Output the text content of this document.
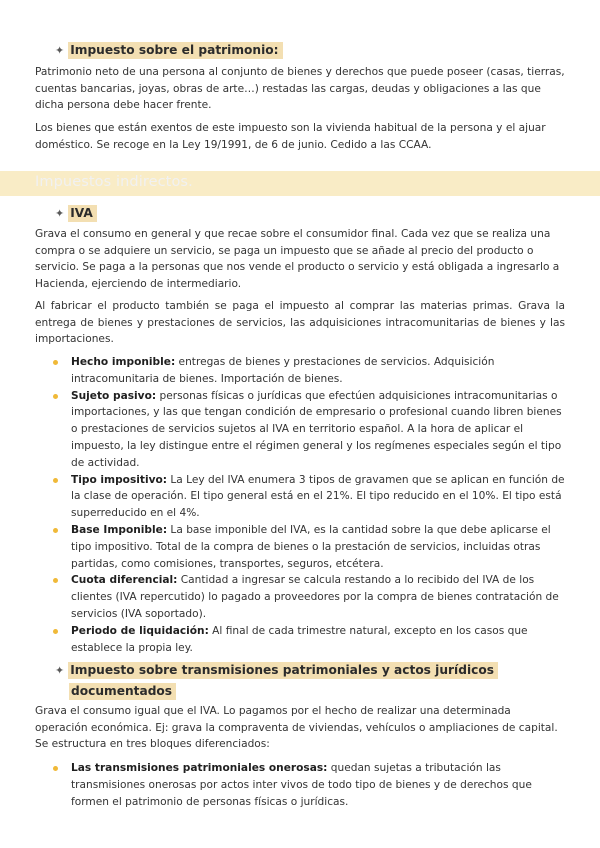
✦ Impuesto sobre el patrimonio:
Patrimonio neto de una persona al conjunto de bienes y derechos que puede poseer (casas, tierras, cuentas bancarias, joyas, obras de arte…) restadas las cargas, deudas y obligaciones a las que dicha persona debe hacer frente.
Los bienes que están exentos de este impuesto son la vivienda habitual de la persona y el ajuar doméstico. Se recoge en la Ley 19/1991, de 6 de junio. Cedido a las CCAA.
Impuestos indirectos.
✦ IVA
Grava el consumo en general y que recae sobre el consumidor final. Cada vez que se realiza una compra o se adquiere un servicio, se paga un impuesto que se añade al precio del producto o servicio. Se paga a la personas que nos vende el producto o servicio y está obligada a ingresarlo a Hacienda, ejerciendo de intermediario.
Al fabricar el producto también se paga el impuesto al comprar las materias primas. Grava la entrega de bienes y prestaciones de servicios, las adquisiciones intracomunitarias de bienes y las importaciones.
Hecho imponible: entregas de bienes y prestaciones de servicios. Adquisición intracomunitaria de bienes. Importación de bienes.
Sujeto pasivo: personas físicas o jurídicas que efectúen adquisiciones intracomunitarias o importaciones, y las que tengan condición de empresario o profesional cuando libren bienes o prestaciones de servicios sujetos al IVA en territorio español. A la hora de aplicar el impuesto, la ley distingue entre el régimen general y los regímenes especiales según el tipo de actividad.
Tipo impositivo: La Ley del IVA enumera 3 tipos de gravamen que se aplican en función de la clase de operación. El tipo general está en el 21%. El tipo reducido en el 10%. El tipo está superreducido en el 4%.
Base Imponible: La base imponible del IVA, es la cantidad sobre la que debe aplicarse el tipo impositivo. Total de la compra de bienes o la prestación de servicios, incluidas otras partidas, como comisiones, transportes, seguros, etcétera.
Cuota diferencial: Cantidad a ingresar se calcula restando a lo recibido del IVA de los clientes (IVA repercutido) lo pagado a proveedores por la compra de bienes contratación de servicios (IVA soportado).
Periodo de liquidación: Al final de cada trimestre natural, excepto en los casos que establece la propia ley.
✦ Impuesto sobre transmisiones patrimoniales y actos jurídicos
documentados
Grava el consumo igual que el IVA. Lo pagamos por el hecho de realizar una determinada operación económica. Ej: grava la compraventa de viviendas, vehículos o ampliaciones de capital. Se estructura en tres bloques diferenciados:
Las transmisiones patrimoniales onerosas: quedan sujetas a tributación las transmisiones onerosas por actos inter vivos de todo tipo de bienes y de derechos que formen el patrimonio de personas físicas o jurídicas.
